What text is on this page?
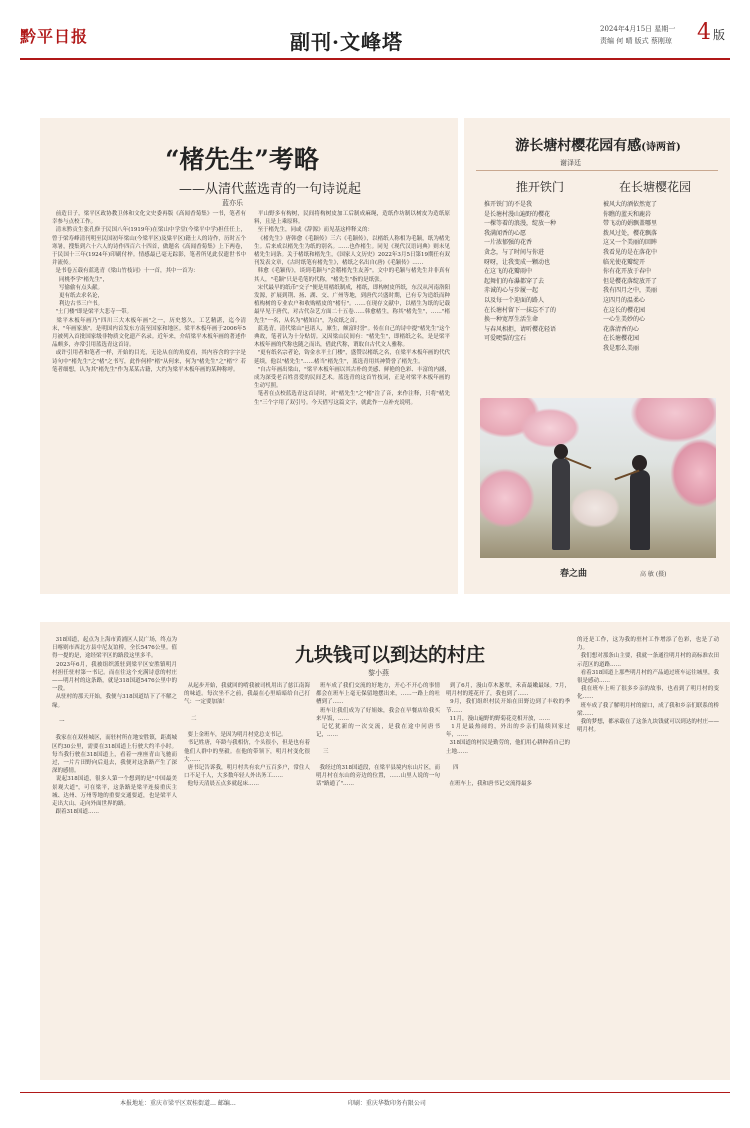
黔平日报	副刊·文峰塔
2024年4月15日 星期一
责编 何 晴 版式 蔡刚琼 4 版
“楮先生”考略
——从清代蓝选青的一句诗说起
蓝亦乐
前造日子，梁平区政协教卫体和文化文史委再版《高闻香菊集》一书，笔者有幸参与点校工作。
清末黔贡生张孔修于民国八年(1919年)在梁山中学堂(今梁平中学)担任任上，曾于梁寿峰清刊明至民国初年梁山(今梁平区)及粱平区)籍士人的诗作，历时五个寒暑，搜集到六十六人的诗作四百六十四首，做题名《高闻香菊集》上下两卷，于民国十三年(1924年)印刷付梓。情感最已毫无踪影，笔者所见此仅遗世书中并流传。
是书卷五载有蓝选青《梁山竹枝词》十一首，其中一首为：
同桃李学"楮先生"，
写偷偷有点头献。
更有纸去求名论，
利边古书三户书。
"土门楼"即是梁平大悲寺一带。
梁平木板年画乃"四川三大木板年画"之一，历史悠久，工艺精湛，迄今清末，"年画家族"。是明国内首发东方南至国家和地区。梁平木板年画于2006年5月被列入首批国家级非物质文化遗产名录。近年来，介绍梁平木板年画的著述作品颇多，亦常引用蓝选青这首诗。
或许引用者和笔者一样，开始的目光，无论从在的角度看，其内容含的字字是诗句中"楮先生"之"楮"之书写，此作何样"楮"从何来，何为"楮先生"之"楮"？若笔者细想，认为其"楮先生"作为某某古籍，大约为梁平木板年画的某种称呼。
平山野多有构树，民间将构树皮加工后制成麻绳，造纸作坊制以树皮为造纸原料，且是上乘原料。
至于楮先生，同或《辞源》而见基这样释义的：
《楮先生》唐韩愈《毛颖传》三六《毛颖传》，以楮纸人称相为毛颖，纸为楮先生。后来成以楮先生为纸的别名。……也作楮生。同见《现代汉语词典》则未见楮先生词条。关于楮纸和楮先生，《国家人文历史》2022年3月5日第19期任有双刊发表文章，《古时纸笔有楮先生》，楮纸之名出自(唐)《毛颖传》……
韩愈《毛颖传》，谈到毛颖与"会稽楮先生友善"。文中的毛颖与楮先生并非真有其人，"毛颖"只是毛笔的代称，"楮先生"指的是纸张。
宋代最早的纸币"交子"便是用楮纸制成，楮纸，即构树皮所纸，东汉从河南洛阳发源，扩展到荆、扬、湖、交、广州等地，到唐代兴盛时期，已有专为造纸而种植构树的专业农户和收购楮皮的"楮行"。……在现存文献中，以楮生为纸的记载最早见于唐代，对古代杂艺方面二十五卷……韩愈楮生，称其"楮先生"，……"楮先生"一名，从名为"楮知白"，为众纸之首。
蓝选青，清代梁山"邑诸人，廪生，颇富时誉"。传在自己的诗中提"楮先生"这个典故，笔者认为十分贴切。又因梁山民间有："楮先生"，即楮纸之名，是是梁平木板年画的代称也随之而出，借此代称，谓取自古代文人雅称。
"更有纸名宗者论，钩金水平土门楼"，盛赞以楮纸之名，在梁平木板年画的代代延续，他以"楮先生"……楮当"楮先生"，蓝选青用其神赞誉了楮先生。
"自古年画出梁山，"梁平木板年画以其古朴的美感、鲜艳的色彩、丰富的内涵，成为深受老百姓喜爱的民间艺术。蓝选青的这首竹枝词，正是对梁平木板年画的生动写照。
笔者在点校蓝选青这首诗时，对"楮先生"之"楮"注了音，来作注释，只将"楮先生"三个字用了双引号。今天借写这篇文字，就此作一点补充说明。
游长塘村樱花园有感(诗两首)
谢泽廷
推开铁门	在长塘樱花园
推开铁门的不是我
是长塘村漫山遍野的樱花
一棵等着的浪漫，绽放一种
我满闻香的心愿
一片浓郁强的花香
贪念，与了时间与你进
呀呀，让我变成一颗动也
在这飞的花瓣雨中
起舞们的布瀑都穿了去
赤诚的心与步履一起
以及每一个迎面的路人
在长塘村留下一抹忘不了的
换一种宽厚生活生命
与春风相拒，请听樱花轻语
可爱哽裂的宝石
被风大的酒依然宽了
你瞧的蓝天和鹿岩
带飞动的娟飘盖哪里
拨风过处，樱花飘落
这又一个美丽的回眸
我看见的是在落花中
临光使花瓣绽开
你有花开放于春中
但是樱花落绽放开了
我有四月之中，美丽
这四月的温柔心
在这长的樱花园
一心生美妙的心
花落清香的心
在长塘樱花园
我是那么美丽
春之曲	高 敏 (摄)
九块钱可以到达的村庄
黎小燕
318国道，起点为上海市黄浦区人民广场，终点为日喀则市西北方县中尼友谊桥，全长5476公里。值得一提的是，途经梁平区的路段这里多半。
2023年6月，我被组织派驻到梁平区安胜镇明月村担任驻村第一书记。而在往这个充满诗意的村庄——明月村的这条路，就是318国道5476公里中的一段。
从驻村的那天开始，我便与318国道结下了不解之缘。

一

我家在在双桂城区，而驻村所在地安胜镇，距离城区约30公里，需要在318国道上行驶大约半小时。每当我行驶在318国道上，看着一座座青山飞驰而过，一片片田野向后退去，我便对这条路产生了深深的感情。
说起318国道，很多人第一个想到的是"中国最美景观大道"，可在梁平，这条路是梁平连接重庆主城、达州、万州等地的重要交通要道，也是梁平人走出大山、走向外面世界的路。
跟着318国道……
从起步开始，我就回的啃我被司机用出了慈江南海的味道。每次坐不之前，我最在心里暗暗给自己打气：一定要加油！

二

要上金班车，是因为明月村党总支书记。
书记姓唐，年龄与我相仿，个头很小，但是也有着他们人群中的坚毅。在他的带领下，明月村变化很大……
唐书记告诉我，明月村共有农户五百多户，常住人口不足千人，大多数年轻人外出务工……
他每天清晨五点多就起床……
班车成了我们交流的好地方，开心不开心的事情都会在班车上毫无保留地摆出来，……一路上的吐槽到了……
班车让我们成为了好姐妹，我会在早餐店给我买来早饭，……
记忆犹新的一次交流，是我在途中问唐书记，……

三

我经过的318国道段，在梁平县境内东山片区，而明月村在东山的旁边的位置，……山里人说的一句话"路通了"……
到了6月，漫山草木葱翠，禾苗最嫩最绿。7月，明月村的莲花开了，我也到了……
9月，我们组织村民开始在田野边到了丰收的季节……
11月，漫山遍野的野菊花竞相开放，……
1月是最热闹的，外出的乡亲们陆续回家过年，……
318国道的村民是勤劳的，他们用心耕种着自己的土地……

四

在班车上，我和唐书记交流得最多
的还是工作，这为我的驻村工作增添了色彩，也是了动力。
我们想对那条山主要，我就一条通往明月村的高标准农田示范区的道路……
看着318国道上那些明月村的产品通过班车运往城里，我很是感动……
我在班车上听了很多乡亲的故事，也看到了明月村的变化……
班车成了我了解明月村的窗口，成了我和乡亲们联系的桥梁……
我的梦想，都承载在了这条九块钱就可以到达的村庄——明月村。
本报地址：重庆市梁平区双桂街道… 邮编…	印刷：重庆华数印务有限公司
